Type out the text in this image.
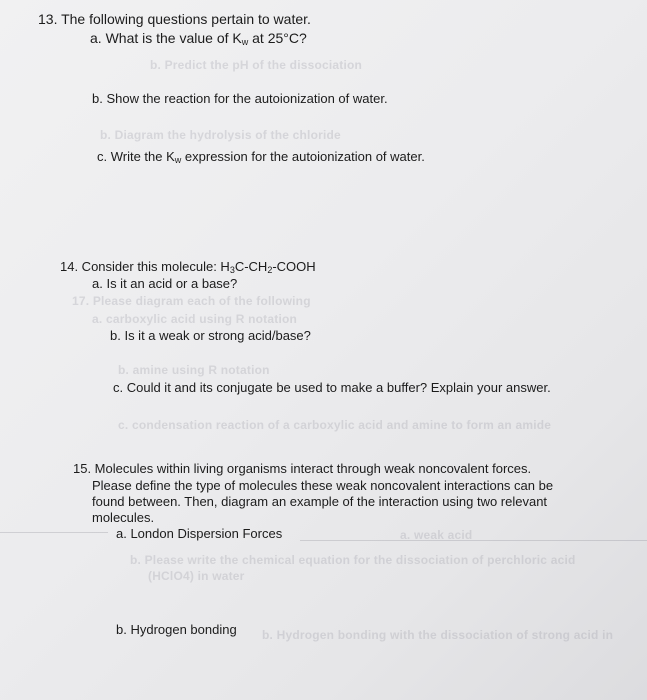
b. Predict the pH of the dissociation
b. Diagram the hydrolysis of the chloride
17. Please diagram each of the following
a. carboxylic acid using R notation
b. amine using R notation
c. condensation reaction of a carboxylic acid and amine to form an amide
a. weak acid
b. Please write the chemical equation for the dissociation of perchloric acid
(HClO4) in water
b. Hydrogen bonding with the dissociation of strong acid in
13. The following questions pertain to water.
a. What is the value of $K_w$ at 25°C?
b. Show the reaction for the autoionization of water.
c. Write the $K_w$ expression for the autoionization of water.
14. Consider this molecule: $H_3C-CH_2$-COOH
a. Is it an acid or a base?
b. Is it a weak or strong acid/base?
c. Could it and its conjugate be used to make a buffer? Explain your answer.
15. Molecules within living organisms interact through weak noncovalent forces.
Please define the type of molecules these weak noncovalent interactions can be
found between. Then, diagram an example of the interaction using two relevant
molecules.
a. London Dispersion Forces
b. Hydrogen bonding
